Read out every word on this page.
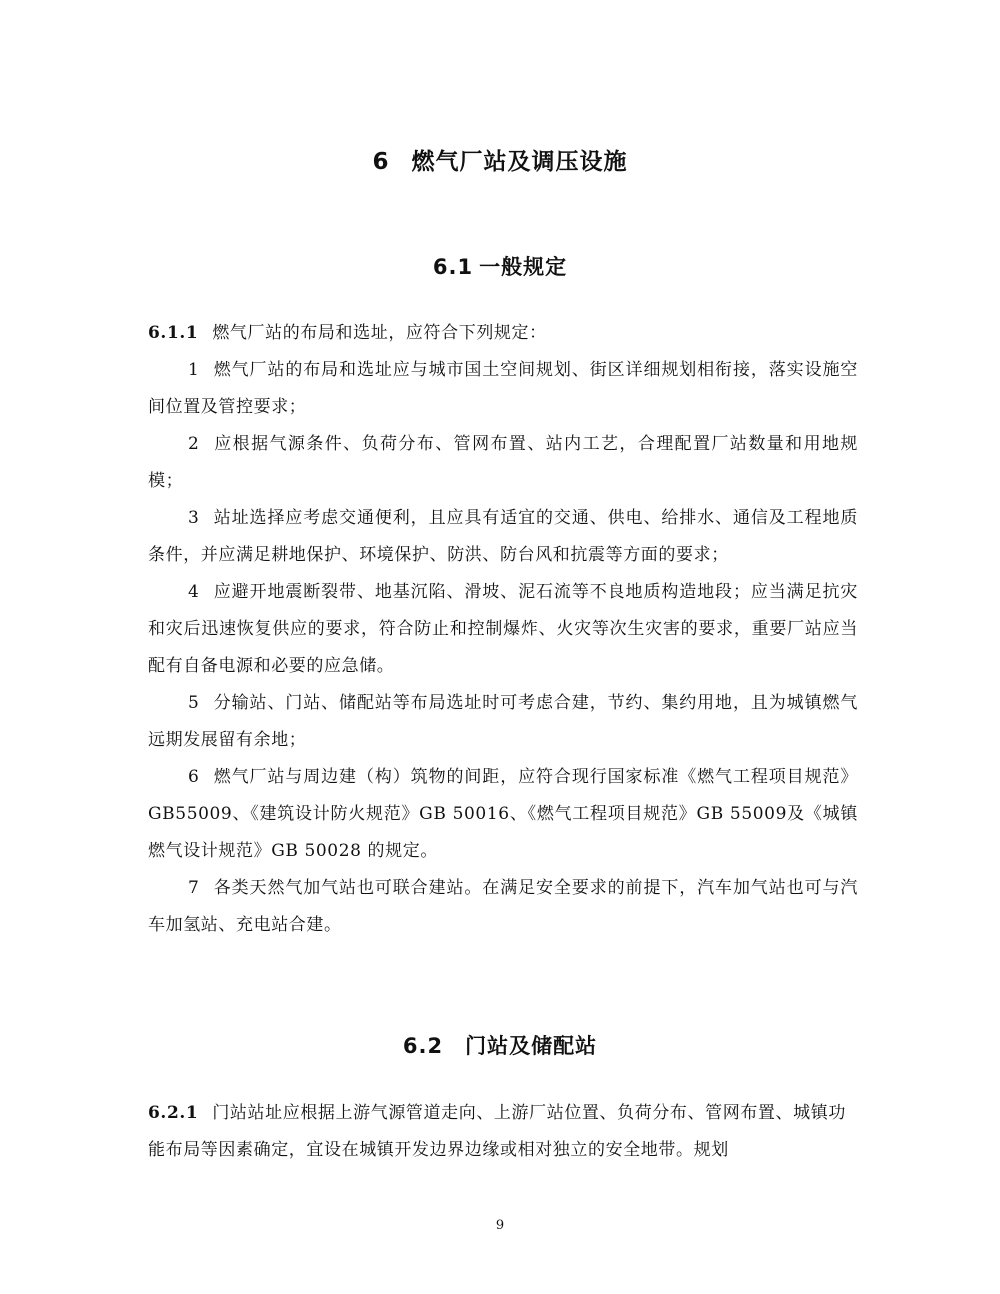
6 燃气厂站及调压设施
6.1 一般规定

6.1.1 燃气厂站的布局和选址，应符合下列规定：

1 燃气厂站的布局和选址应与城市国土空间规划、街区详细规划相衔接，落实设施空间位置及管控要求；

2 应根据气源条件、负荷分布、管网布置、站内工艺，合理配置厂站数量和用地规模；

3 站址选择应考虑交通便利，且应具有适宜的交通、供电、给排水、通信及工程地质条件，并应满足耕地保护、环境保护、防洪、防台风和抗震等方面的要求；

4 应避开地震断裂带、地基沉陷、滑坡、泥石流等不良地质构造地段；应当满足抗灾和灾后迅速恢复供应的要求，符合防止和控制爆炸、火灾等次生灾害的要求，重要厂站应当配有自备电源和必要的应急储。

5 分输站、门站、储配站等布局选址时可考虑合建，节约、集约用地，且为城镇燃气远期发展留有余地；

6 燃气厂站与周边建（构）筑物的间距，应符合现行国家标准《燃气工程项目规范》GB55009、《建筑设计防火规范》GB 50016、《燃气工程项目规范》GB 55009及《城镇燃气设计规范》GB 50028 的规定。

7 各类天然气加气站也可联合建站。在满足安全要求的前提下，汽车加气站也可与汽车加氢站、充电站合建。

6.2 门站及储配站

6.2.1 门站站址应根据上游气源管道走向、上游厂站位置、负荷分布、管网布置、城镇功能布局等因素确定，宜设在城镇开发边界边缘或相对独立的安全地带。规划

9
